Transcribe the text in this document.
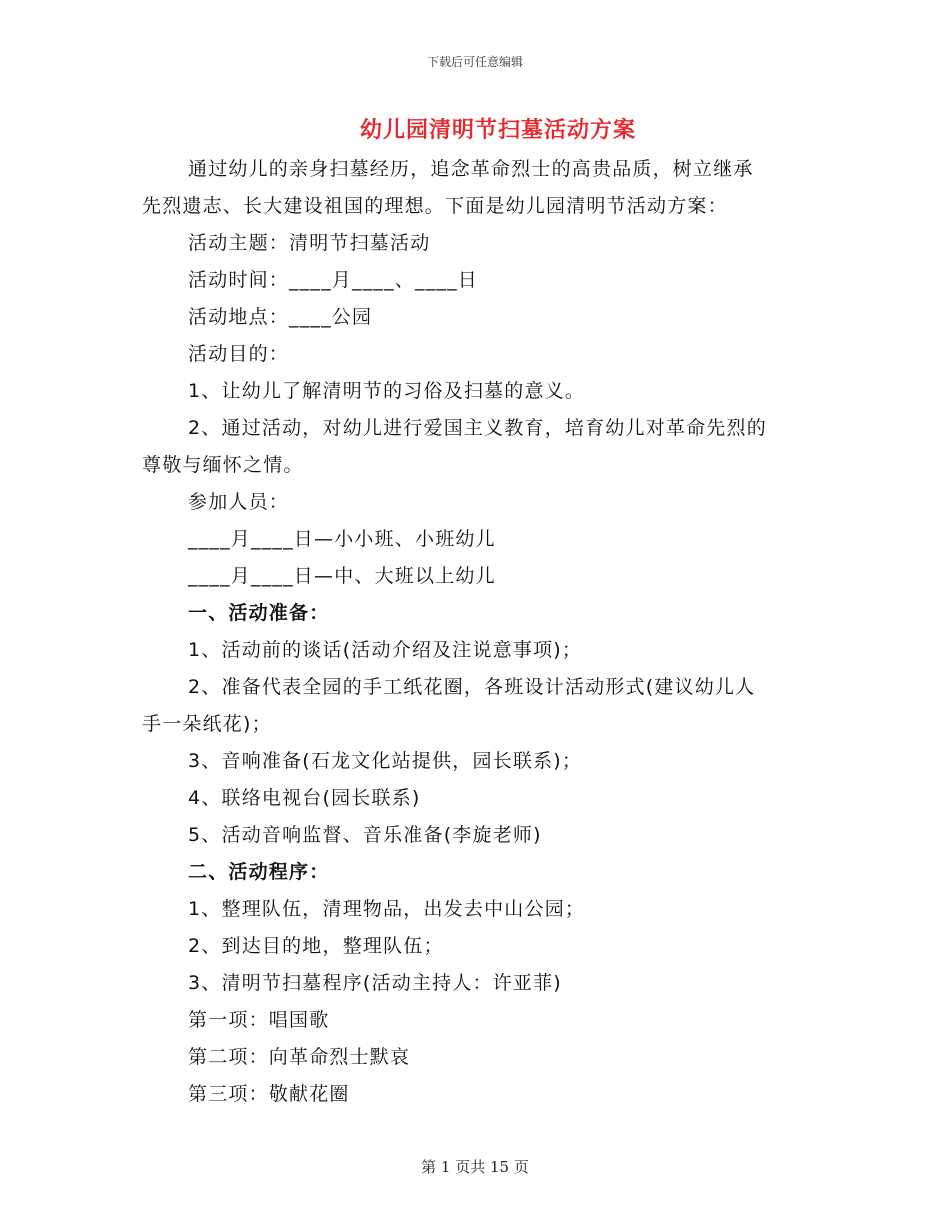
下载后可任意编辑
幼儿园清明节扫墓活动方案
通过幼儿的亲身扫墓经历，追念革命烈士的高贵品质，树立继承
先烈遗志、长大建设祖国的理想。下面是幼儿园清明节活动方案：
活动主题：清明节扫墓活动
活动时间：____月____、____日
活动地点：____公园
活动目的：
1、让幼儿了解清明节的习俗及扫墓的意义。
2、通过活动，对幼儿进行爱国主义教育，培育幼儿对革命先烈的
尊敬与缅怀之情。
参加人员：
____月____日—小小班、小班幼儿
____月____日—中、大班以上幼儿
一、活动准备：
1、活动前的谈话(活动介绍及注说意事项)；
2、准备代表全园的手工纸花圈，各班设计活动形式(建议幼儿人
手一朵纸花)；
3、音响准备(石龙文化站提供，园长联系)；
4、联络电视台(园长联系)
5、活动音响监督、音乐准备(李旋老师)
二、活动程序：
1、整理队伍，清理物品，出发去中山公园；
2、到达目的地，整理队伍；
3、清明节扫墓程序(活动主持人：许亚菲)
第一项：唱国歌
第二项：向革命烈士默哀
第三项：敬献花圈
第 1 页共 15 页
